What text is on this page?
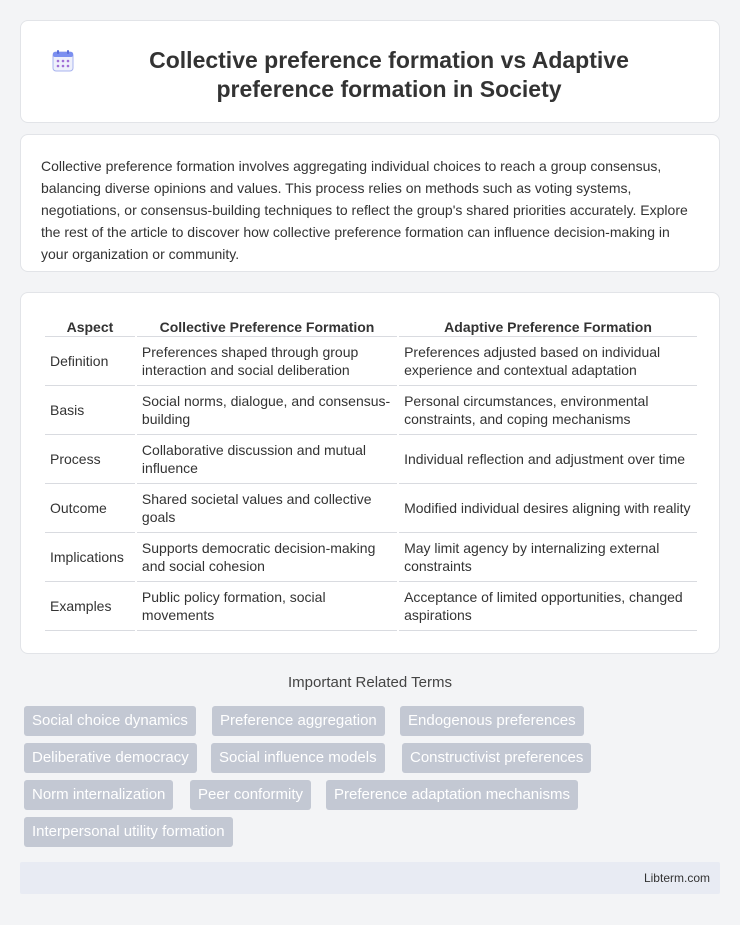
Collective preference formation vs Adaptive preference formation in Society

Collective preference formation involves aggregating individual choices to reach a group consensus, balancing diverse opinions and values. This process relies on methods such as voting systems, negotiations, or consensus-building techniques to reflect the group's shared priorities accurately. Explore the rest of the article to discover how collective preference formation can influence decision-making in your organization or community.

Aspect	Collective Preference Formation	Adaptive Preference Formation
Definition	Preferences shaped through group interaction and social deliberation	Preferences adjusted based on individual experience and contextual adaptation
Basis	Social norms, dialogue, and consensus-building	Personal circumstances, environmental constraints, and coping mechanisms
Process	Collaborative discussion and mutual influence	Individual reflection and adjustment over time
Outcome	Shared societal values and collective goals	Modified individual desires aligning with reality
Implications	Supports democratic decision-making and social cohesion	May limit agency by internalizing external constraints
Examples	Public policy formation, social movements	Acceptance of limited opportunities, changed aspirations
Important Related Terms
Social choice dynamics	Preference aggregation	Endogenous preferences
Deliberative democracy	Social influence models	Constructivist preferences
Norm internalization	Peer conformity	Preference adaptation mechanisms
Interpersonal utility formation
Libterm.com
